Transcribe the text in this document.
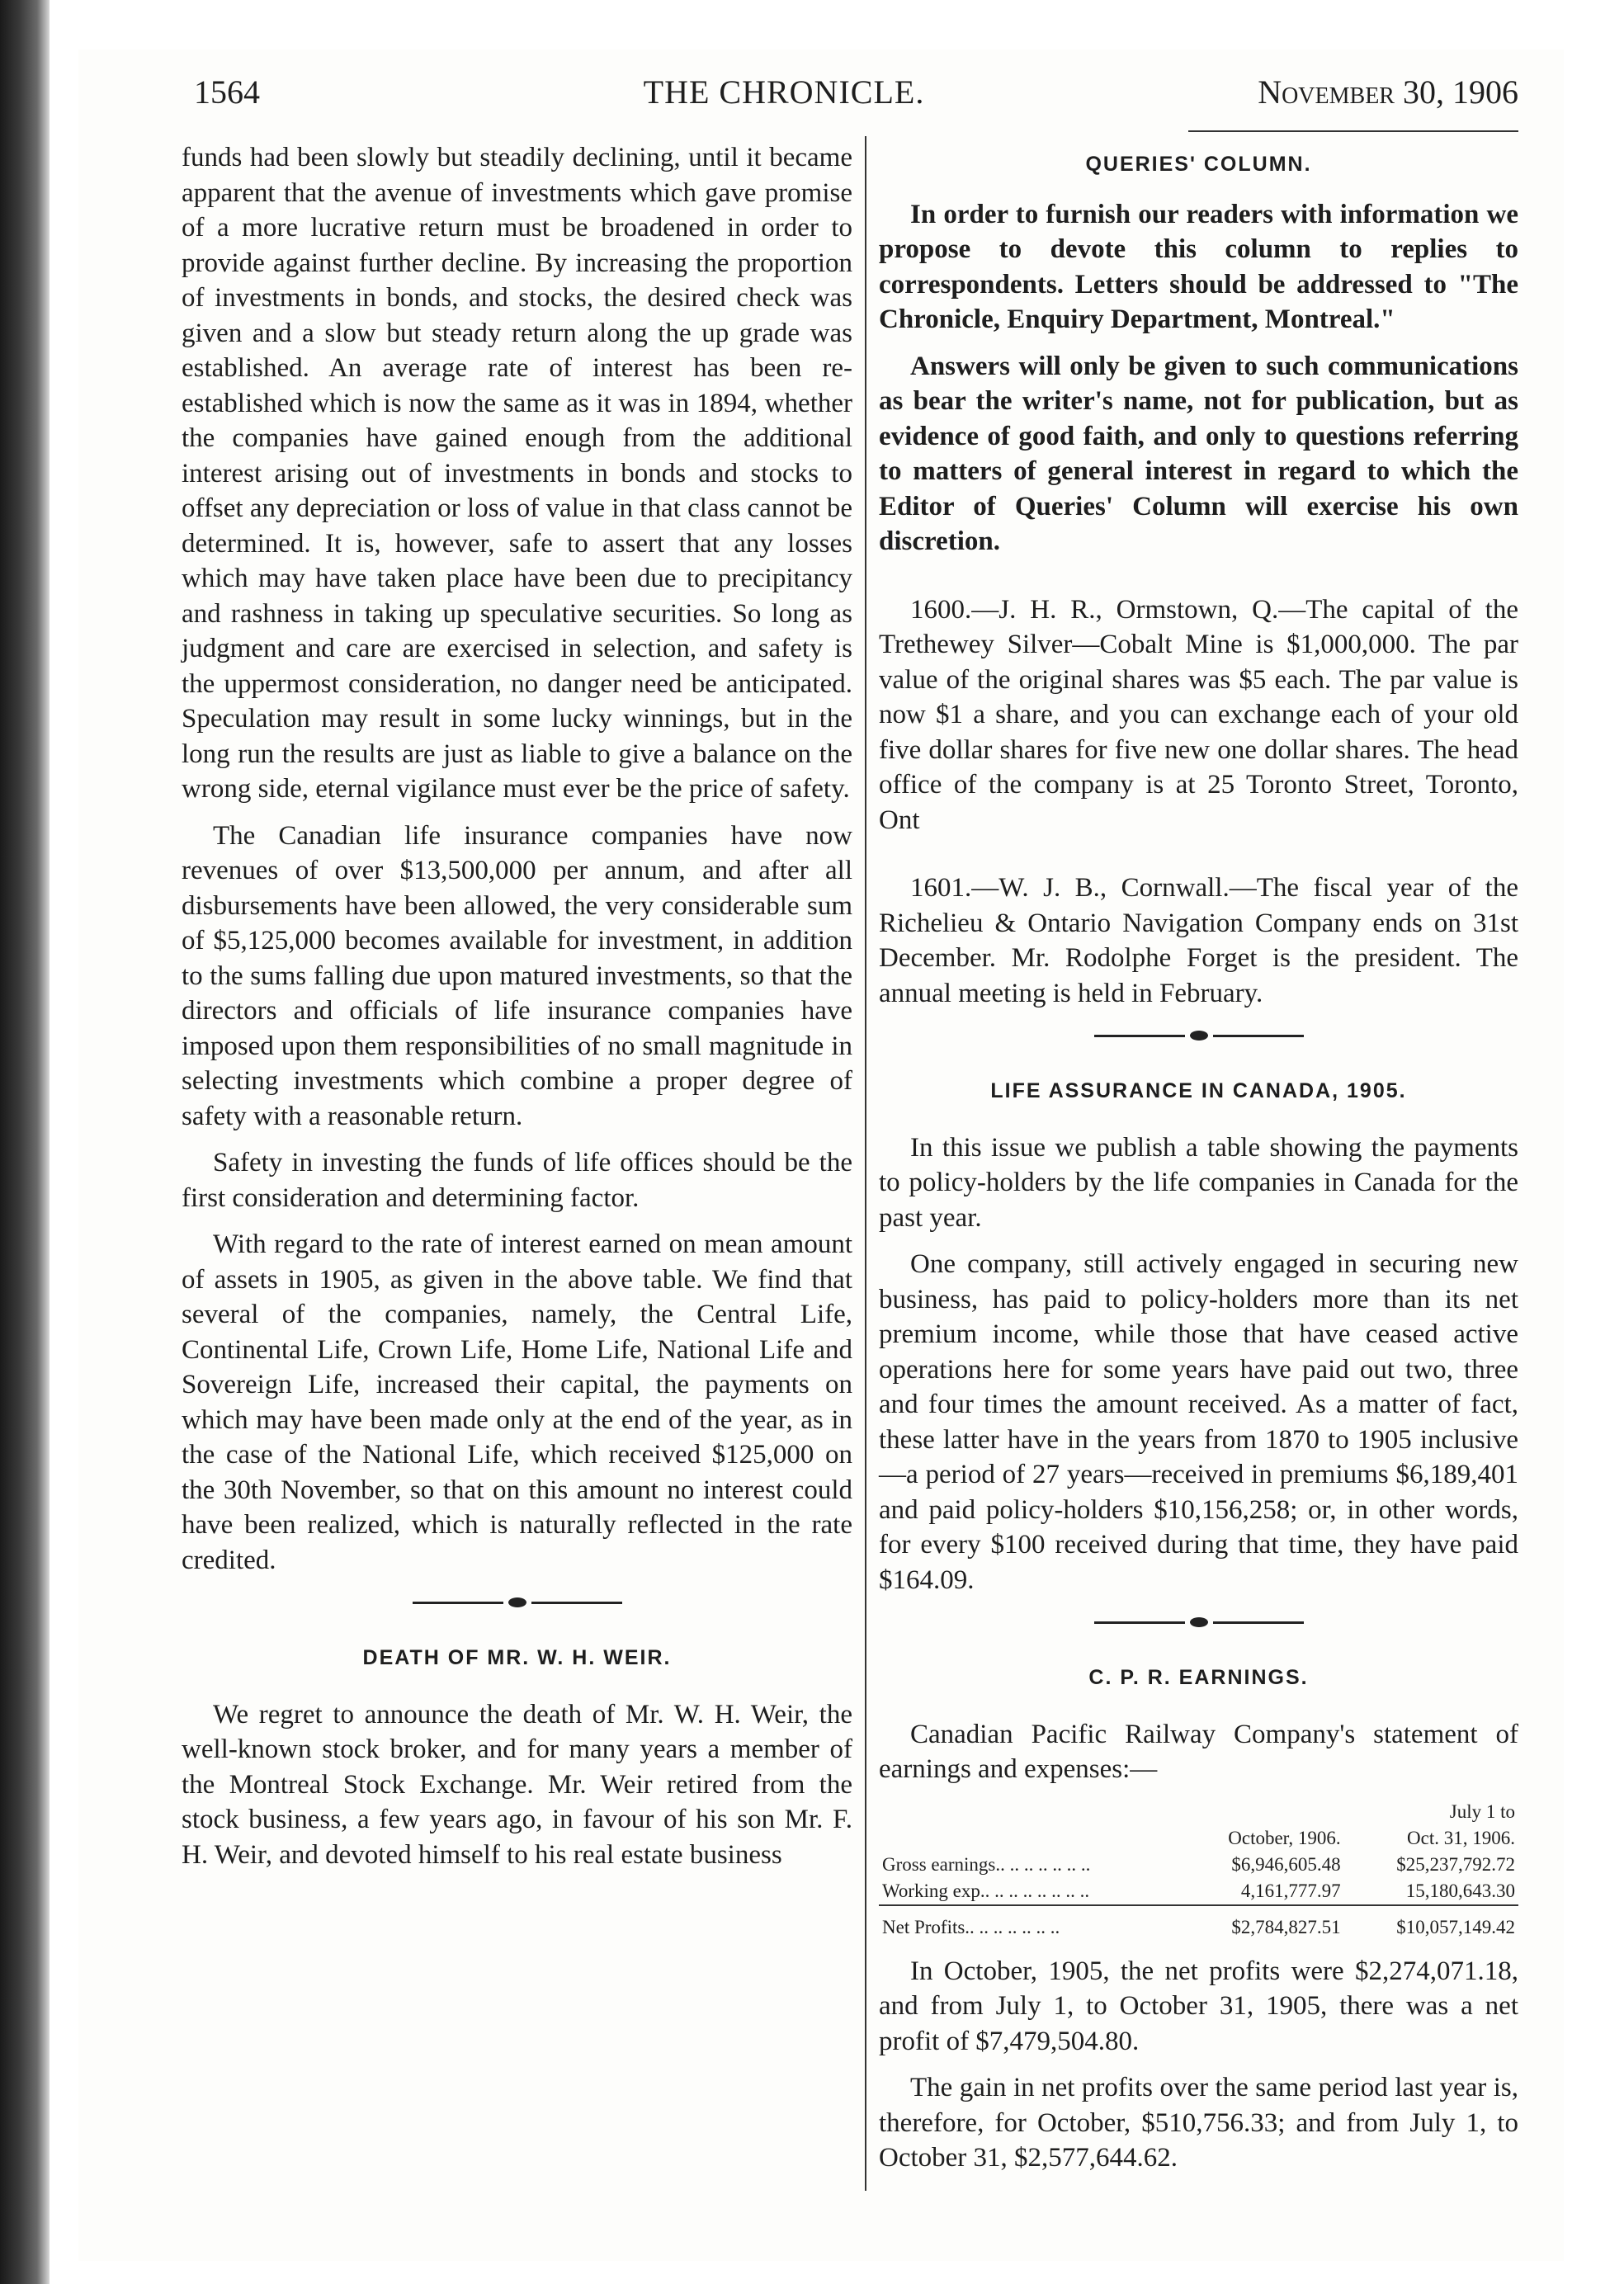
1564	THE CHRONICLE.	November 30, 1906

funds had been slowly but steadily declining, until it became apparent that the avenue of investments which gave promise of a more lucrative return must be broadened in order to provide against further decline. By increasing the proportion of investments in bonds, and stocks, the desired check was given and a slow but steady return along the up grade was established. An average rate of interest has been re-established which is now the same as it was in 1894, whether the companies have gained enough from the additional interest arising out of investments in bonds and stocks to offset any depreciation or loss of value in that class cannot be determined. It is, however, safe to assert that any losses which may have taken place have been due to precipitancy and rashness in taking up speculative securities. So long as judgment and care are exercised in selection, and safety is the uppermost consideration, no danger need be anticipated. Speculation may result in some lucky winnings, but in the long run the results are just as liable to give a balance on the wrong side, eternal vigilance must ever be the price of safety.

The Canadian life insurance companies have now revenues of over $13,500,000 per annum, and after all disbursements have been allowed, the very considerable sum of $5,125,000 becomes available for investment, in addition to the sums falling due upon matured investments, so that the directors and officials of life insurance companies have imposed upon them responsibilities of no small magnitude in selecting investments which combine a proper degree of safety with a reasonable return.

Safety in investing the funds of life offices should be the first consideration and determining factor.

With regard to the rate of interest earned on mean amount of assets in 1905, as given in the above table. We find that several of the companies, namely, the Central Life, Continental Life, Crown Life, Home Life, National Life and Sovereign Life, increased their capital, the payments on which may have been made only at the end of the year, as in the case of the National Life, which received $125,000 on the 30th November, so that on this amount no interest could have been realized, which is naturally reflected in the rate credited.

DEATH OF MR. W. H. WEIR.

We regret to announce the death of Mr. W. H. Weir, the well-known stock broker, and for many years a member of the Montreal Stock Exchange. Mr. Weir retired from the stock business, a few years ago, in favour of his son Mr. F. H. Weir, and devoted himself to his real estate business

QUERIES' COLUMN.

In order to furnish our readers with information we propose to devote this column to replies to correspondents. Letters should be addressed to "The Chronicle, Enquiry Department, Montreal."

Answers will only be given to such communications as bear the writer's name, not for publication, but as evidence of good faith, and only to questions referring to matters of general interest in regard to which the Editor of Queries' Column will exercise his own discretion.

1600.—J. H. R., Ormstown, Q.—The capital of the Trethewey Silver—Cobalt Mine is $1,000,000. The par value of the original shares was $5 each. The par value is now $1 a share, and you can exchange each of your old five dollar shares for five new one dollar shares. The head office of the company is at 25 Toronto Street, Toronto, Ont

1601.—W. J. B., Cornwall.—The fiscal year of the Richelieu & Ontario Navigation Company ends on 31st December. Mr. Rodolphe Forget is the president. The annual meeting is held in February.

LIFE ASSURANCE IN CANADA, 1905.

In this issue we publish a table showing the payments to policy-holders by the life companies in Canada for the past year.

One company, still actively engaged in securing new business, has paid to policy-holders more than its net premium income, while those that have ceased active operations here for some years have paid out two, three and four times the amount received. As a matter of fact, these latter have in the years from 1870 to 1905 inclusive—a period of 27 years—received in premiums $6,189,401 and paid policy-holders $10,156,258; or, in other words, for every $100 received during that time, they have paid $164.09.

C. P. R. EARNINGS.

Canadian Pacific Railway Company's statement of earnings and expenses:—

		July 1 to
	October, 1906.	Oct. 31, 1906.
Gross earnings.. .. .. .. .. .. ..	$6,946,605.48	$25,237,792.72
Working exp.. .. .. .. .. .. .. ..	4,161,777.97	15,180,643.30
Net Profits.. .. .. .. .. .. ..	$2,784,827.51	$10,057,149.42

In October, 1905, the net profits were $2,274,071.18, and from July 1, to October 31, 1905, there was a net profit of $7,479,504.80.

The gain in net profits over the same period last year is, therefore, for October, $510,756.33; and from July 1, to October 31, $2,577,644.62.
